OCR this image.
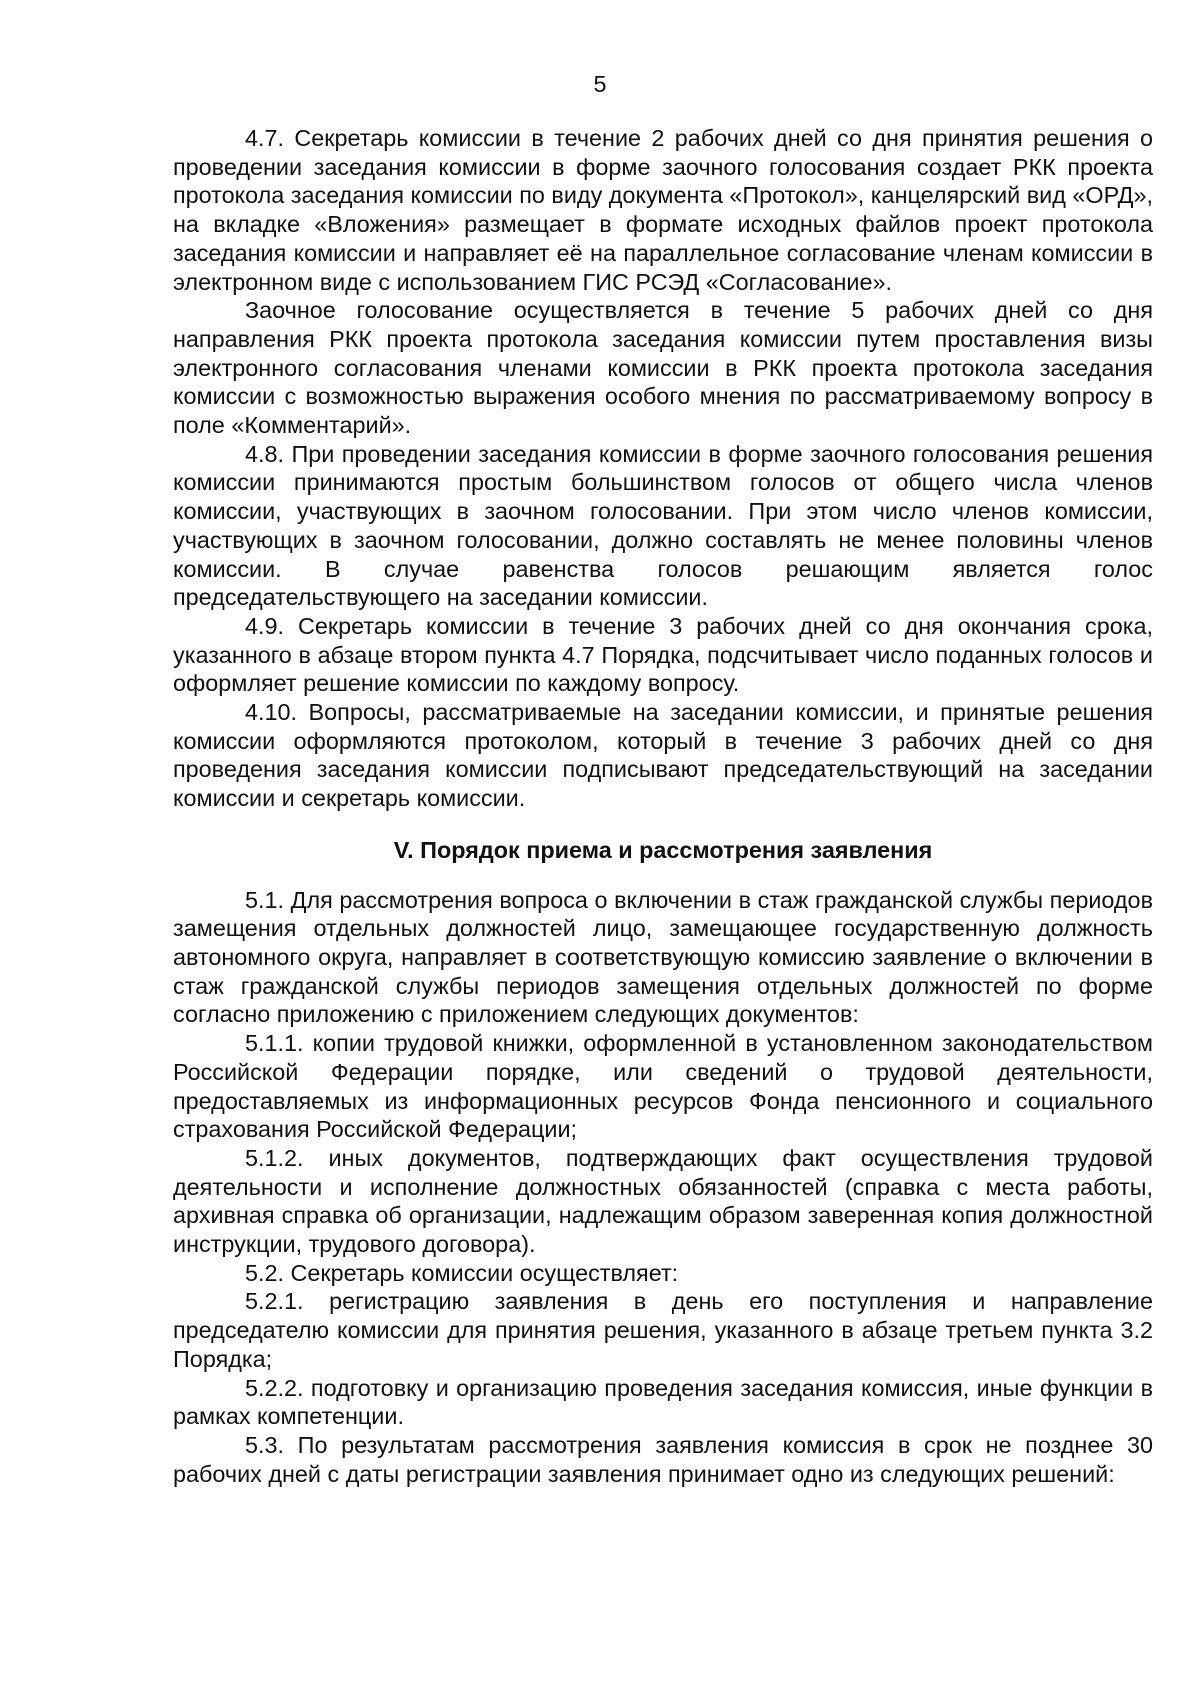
5

4.7. Секретарь комиссии в течение 2 рабочих дней со дня принятия решения о проведении заседания комиссии в форме заочного голосования создает РКК проекта протокола заседания комиссии по виду документа «Протокол», канцелярский вид «ОРД», на вкладке «Вложения» размещает в формате исходных файлов проект протокола заседания комиссии и направляет её на параллельное согласование членам комиссии в электронном виде с использованием ГИС РСЭД «Согласование».

Заочное голосование осуществляется в течение 5 рабочих дней со дня направления РКК проекта протокола заседания комиссии путем проставления визы электронного согласования членами комиссии в РКК проекта протокола заседания комиссии с возможностью выражения особого мнения по рассматриваемому вопросу в поле «Комментарий».

4.8. При проведении заседания комиссии в форме заочного голосования решения комиссии принимаются простым большинством голосов от общего числа членов комиссии, участвующих в заочном голосовании. При этом число членов комиссии, участвующих в заочном голосовании, должно составлять не менее половины членов комиссии. В случае равенства голосов решающим является голос председательствующего на заседании комиссии.

4.9. Секретарь комиссии в течение 3 рабочих дней со дня окончания срока, указанного в абзаце втором пункта 4.7 Порядка, подсчитывает число поданных голосов и оформляет решение комиссии по каждому вопросу.

4.10. Вопросы, рассматриваемые на заседании комиссии, и принятые решения комиссии оформляются протоколом, который в течение 3 рабочих дней со дня проведения заседания комиссии подписывают председательствующий на заседании комиссии и секретарь комиссии.

V. Порядок приема и рассмотрения заявления

5.1. Для рассмотрения вопроса о включении в стаж гражданской службы периодов замещения отдельных должностей лицо, замещающее государственную должность автономного округа, направляет в соответствующую комиссию заявление о включении в стаж гражданской службы периодов замещения отдельных должностей по форме согласно приложению с приложением следующих документов:

5.1.1. копии трудовой книжки, оформленной в установленном законодательством Российской Федерации порядке, или сведений о трудовой деятельности, предоставляемых из информационных ресурсов Фонда пенсионного и социального страхования Российской Федерации;

5.1.2. иных документов, подтверждающих факт осуществления трудовой деятельности и исполнение должностных обязанностей (справка с места работы, архивная справка об организации, надлежащим образом заверенная копия должностной инструкции, трудового договора).

5.2. Секретарь комиссии осуществляет:

5.2.1. регистрацию заявления в день его поступления и направление председателю комиссии для принятия решения, указанного в абзаце третьем пункта 3.2 Порядка;

5.2.2. подготовку и организацию проведения заседания комиссия, иные функции в рамках компетенции.

5.3. По результатам рассмотрения заявления комиссия в срок не позднее 30 рабочих дней с даты регистрации заявления принимает одно из следующих решений:
